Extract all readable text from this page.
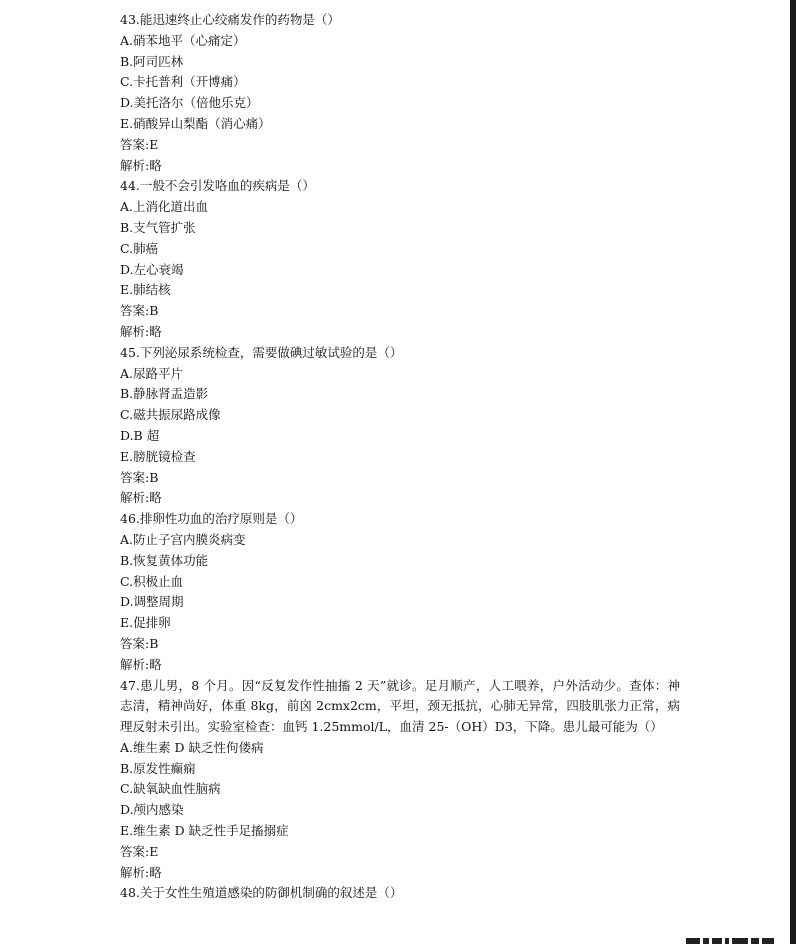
43.能迅速终止心绞痛发作的药物是（）
A.硝苯地平（心痛定）
B.阿司匹林
C.卡托普利（开博痛）
D.美托洛尔（倍他乐克）
E.硝酸异山梨酯（消心痛）
答案:E
解析:略
44.一般不会引发咯血的疾病是（）
A.上消化道出血
B.支气管扩张
C.肺癌
D.左心衰竭
E.肺结核
答案:B
解析:略
45.下列泌尿系统检查，需要做碘过敏试验的是（）
A.尿路平片
B.静脉肾盂造影
C.磁共振尿路成像
D.B 超
E.膀胱镜检查
答案:B
解析:略
46.排卵性功血的治疗原则是（）
A.防止子宫内膜炎病变
B.恢复黄体功能
C.积极止血
D.调整周期
E.促排卵
答案:B
解析:略
47.患儿男，8 个月。因“反复发作性抽搐 2 天”就诊。足月顺产，人工喂养，户外活动少。查体：神志清，精神尚好，体重 8kg，前囟 2cmx2cm，平坦，颈无抵抗，心肺无异常，四肢肌张力正常，病理反射未引出。实验室检查：血钙 1.25mmol/L，血清 25-（OH）D3，下降。患儿最可能为（）
A.维生素 D 缺乏性佝偻病
B.原发性癫痫
C.缺氧缺血性脑病
D.颅内感染
E.维生素 D 缺乏性手足搐搦症
答案:E
解析:略
48.关于女性生殖道感染的防御机制确的叙述是（）
